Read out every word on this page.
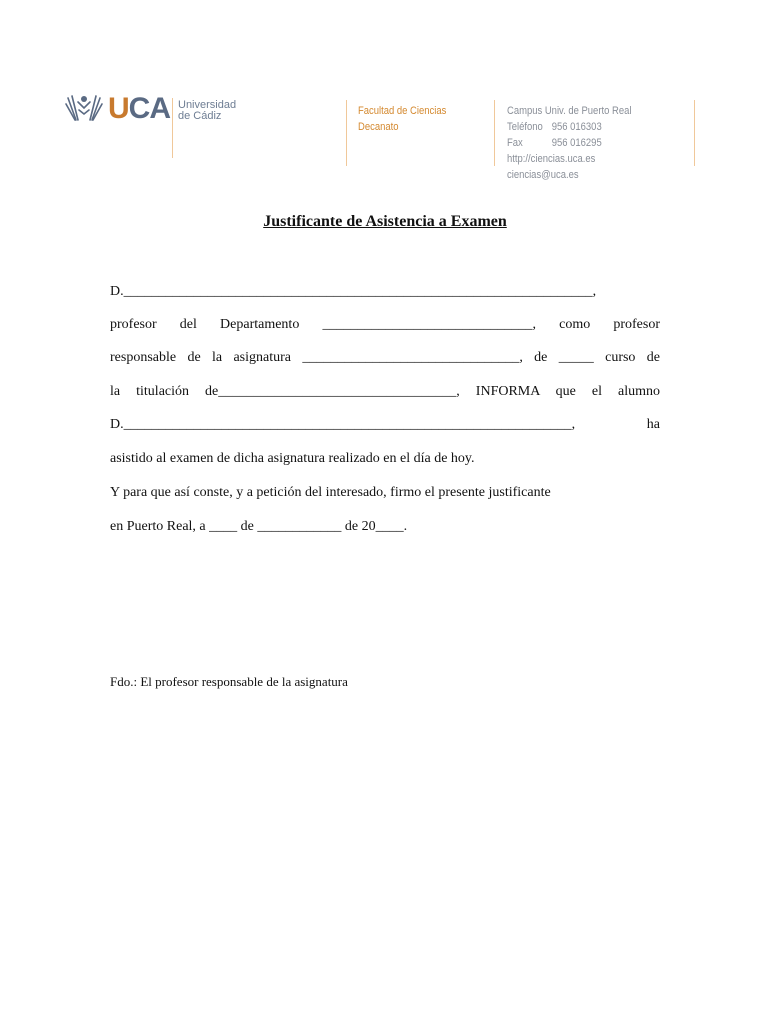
UCA Universidad
de Cádiz	Facultad de Ciencias
Decanato
Campus Univ. de Puerto Real
Teléfono 956 016303
Fax	956 016295
http://ciencias.uca.es
ciencias@uca.es
Justificante de Asistencia a Examen
D.___________________________________________________________________,
profesor del Departamento ______________________________, como profesor
responsable de la asignatura _______________________________, de _____ curso de
la titulación de__________________________________, INFORMA que el alumno
D.________________________________________________________________, ha
asistido al examen de dicha asignatura realizado en el día de hoy.
Y para que así conste, y a petición del interesado, firmo el presente justificante
en Puerto Real, a ____ de ____________ de 20____.
Fdo.: El profesor responsable de la asignatura
